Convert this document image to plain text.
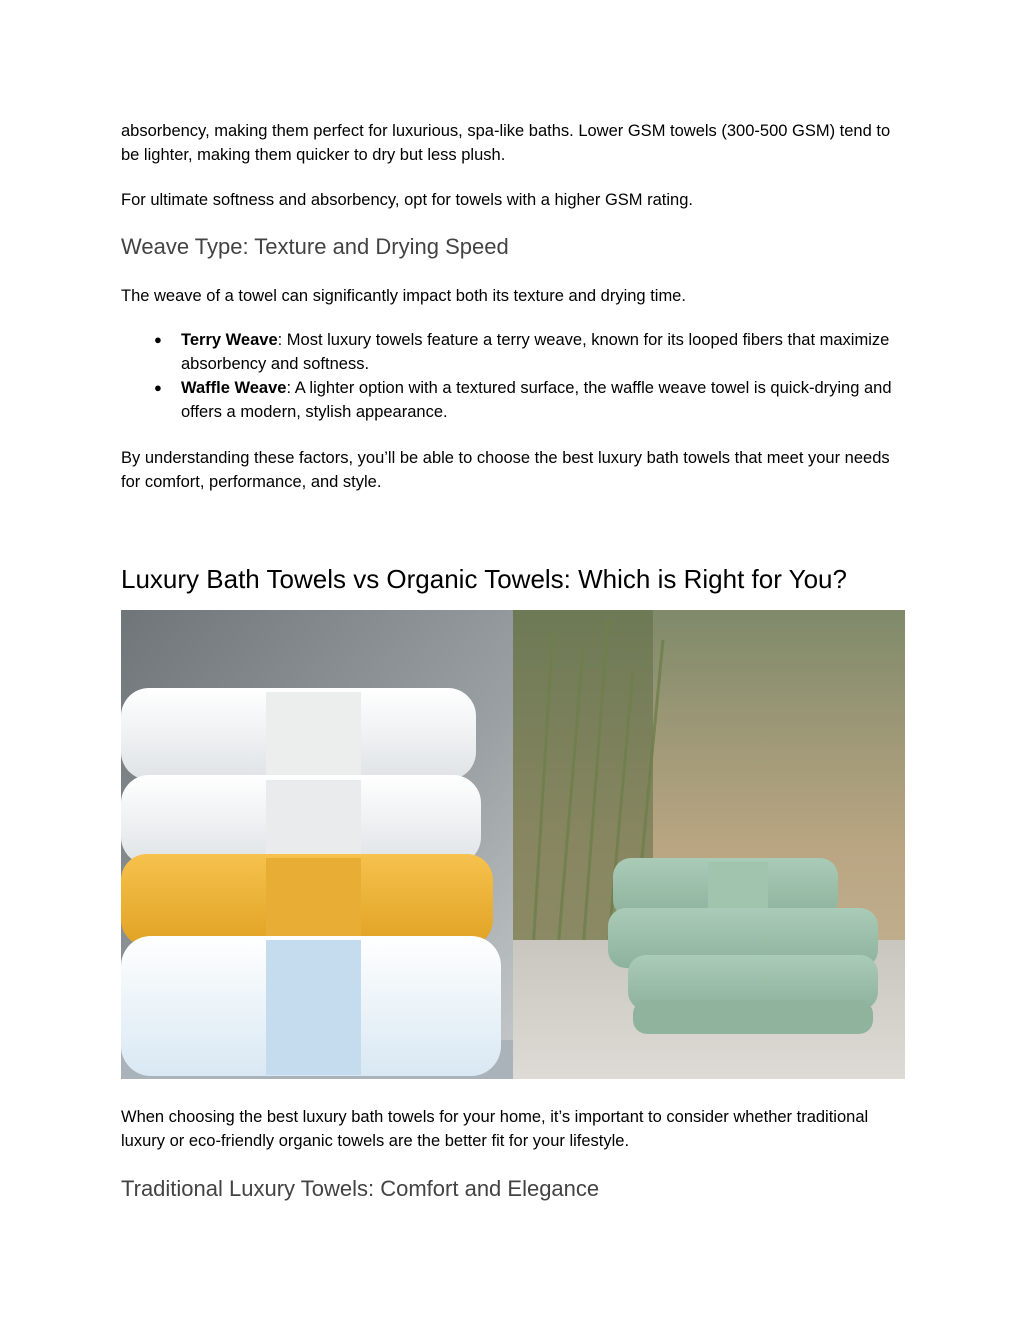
absorbency, making them perfect for luxurious, spa-like baths. Lower GSM towels (300-500 GSM) tend to be lighter, making them quicker to dry but less plush.

For ultimate softness and absorbency, opt for towels with a higher GSM rating.

Weave Type: Texture and Drying Speed

The weave of a towel can significantly impact both its texture and drying time.

● Terry Weave: Most luxury towels feature a terry weave, known for its looped fibers that maximize absorbency and softness.
● Waffle Weave: A lighter option with a textured surface, the waffle weave towel is quick-drying and offers a modern, stylish appearance.

By understanding these factors, you’ll be able to choose the best luxury bath towels that meet your needs for comfort, performance, and style.

Luxury Bath Towels vs Organic Towels: Which is Right for You?

When choosing the best luxury bath towels for your home, it’s important to consider whether traditional luxury or eco-friendly organic towels are the better fit for your lifestyle.

Traditional Luxury Towels: Comfort and Elegance
